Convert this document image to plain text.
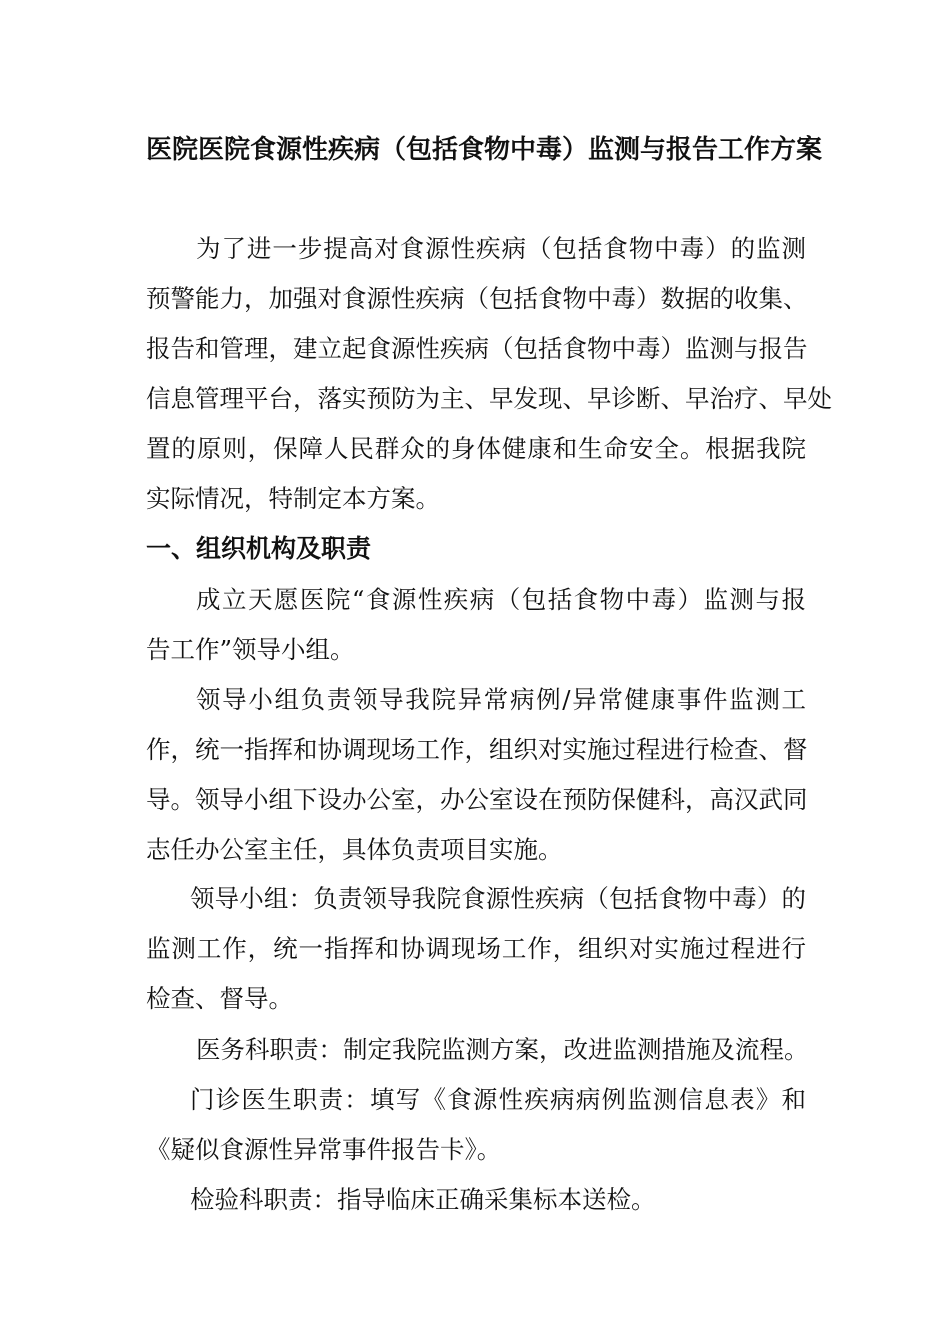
医院医院食源性疾病（包括食物中毒）监测与报告工作方案
为了进一步提高对食源性疾病（包括食物中毒）的监测
预警能力，加强对食源性疾病（包括食物中毒）数据的收集、
报告和管理，建立起食源性疾病（包括食物中毒）监测与报告
信息管理平台，落实预防为主、早发现、早诊断、早治疗、早处
置的原则，保障人民群众的身体健康和生命安全。根据我院
实际情况，特制定本方案。
一、组织机构及职责
成立天愿医院“食源性疾病（包括食物中毒）监测与报
告工作”领导小组。
领导小组负责领导我院异常病例/异常健康事件监测工
作，统一指挥和协调现场工作，组织对实施过程进行检查、督
导。领导小组下设办公室，办公室设在预防保健科，高汉武同
志任办公室主任，具体负责项目实施。
领导小组：负责领导我院食源性疾病（包括食物中毒）的
监测工作，统一指挥和协调现场工作，组织对实施过程进行
检查、督导。
医务科职责：制定我院监测方案，改进监测措施及流程。
门诊医生职责：填写《食源性疾病病例监测信息表》和
《疑似食源性异常事件报告卡》。
检验科职责：指导临床正确采集标本送检。
